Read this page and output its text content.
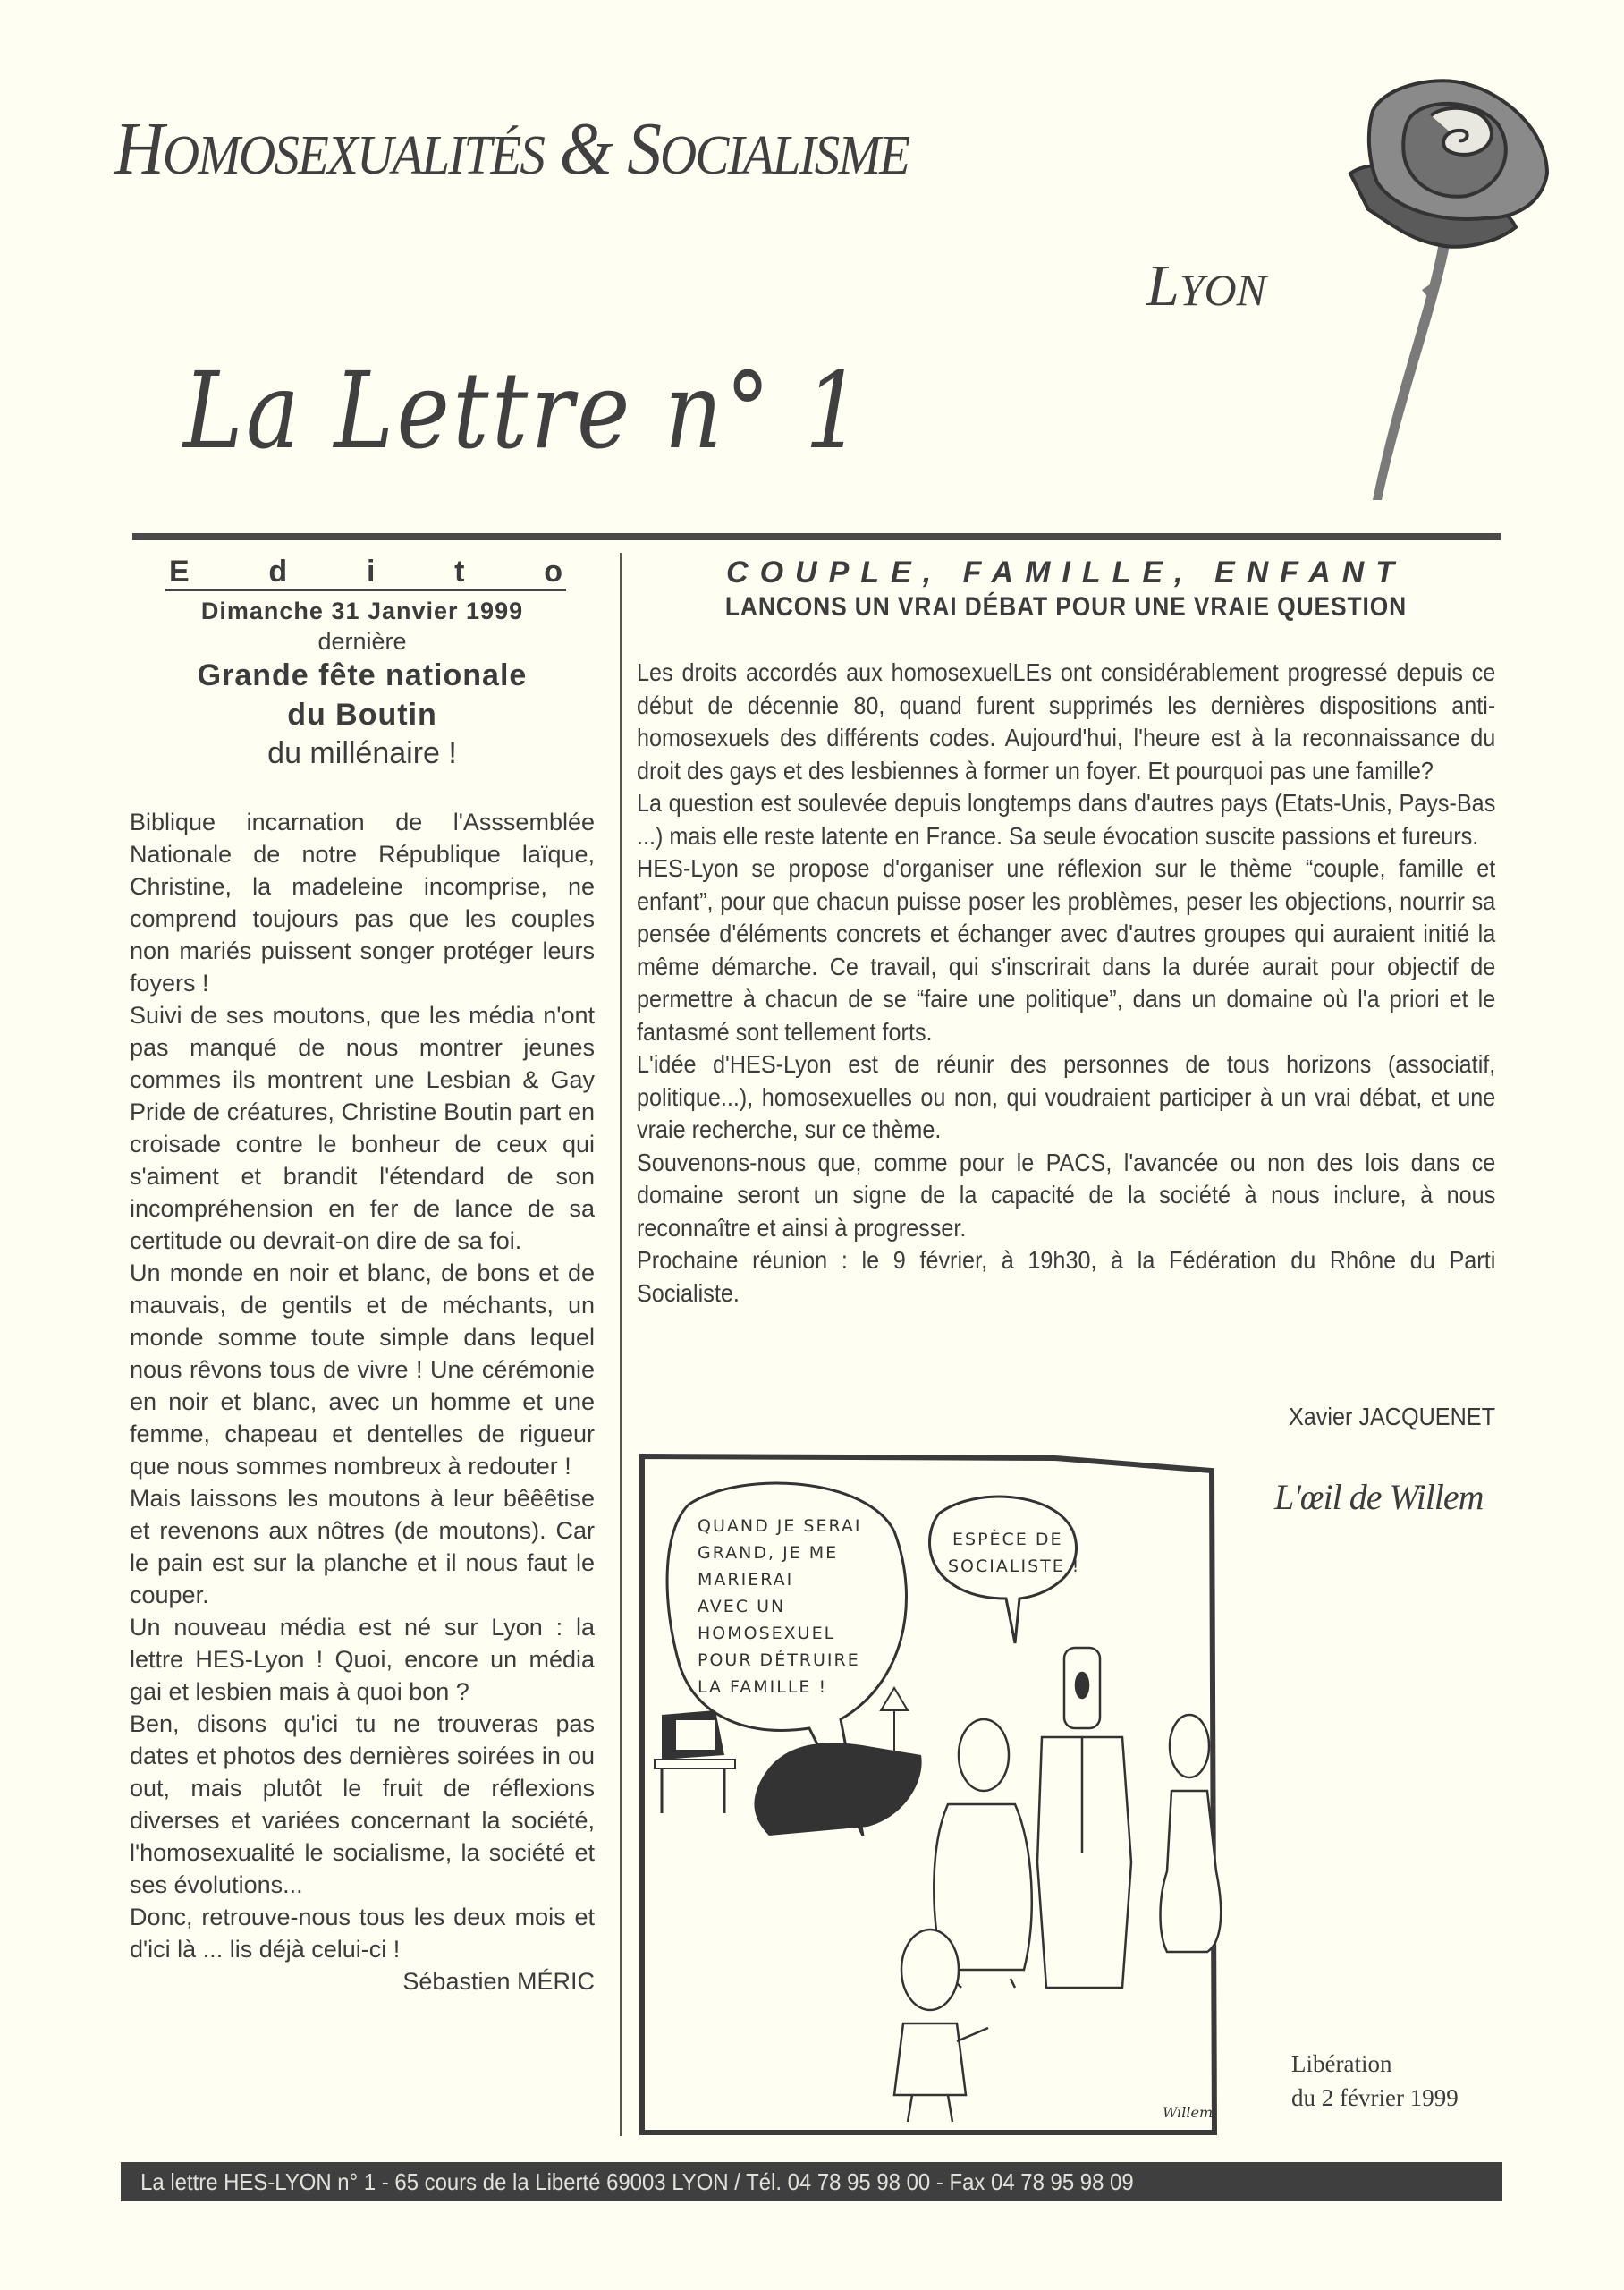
HOMOSEXUALITÉS & SOCIALISME
LYON
La Lettre n° 1
E	d	i	t	o
Dimanche 31 Janvier 1999
dernière
Grande fête nationale
du Boutin
du millénaire !

Biblique incarnation de l'Asssemblée Nationale de notre République laïque, Christine, la madeleine incomprise, ne comprend toujours pas que les couples non mariés puissent songer protéger leurs foyers !

Suivi de ses moutons, que les média n'ont pas manqué de nous montrer jeunes commes ils montrent une Lesbian & Gay Pride de créatures, Christine Boutin part en croisade contre le bonheur de ceux qui s'aiment et brandit l'étendard de son incompréhension en fer de lance de sa certitude ou devrait-on dire de sa foi.

Un monde en noir et blanc, de bons et de mauvais, de gentils et de méchants, un monde somme toute simple dans lequel nous rêvons tous de vivre ! Une cérémonie en noir et blanc, avec un homme et une femme, chapeau et dentelles de rigueur que nous sommes nombreux à redouter !

Mais laissons les moutons à leur bêêêtise et revenons aux nôtres (de moutons). Car le pain est sur la planche et il nous faut le couper.

Un nouveau média est né sur Lyon : la lettre HES-Lyon ! Quoi, encore un média gai et lesbien mais à quoi bon ?

Ben, disons qu'ici tu ne trouveras pas dates et photos des dernières soirées in ou out, mais plutôt le fruit de réflexions diverses et variées concernant la société, l'homosexualité le socialisme, la société et ses évolutions...

Donc, retrouve-nous tous les deux mois et d'ici là ... lis déjà celui-ci !

Sébastien MÉRIC
COUPLE, FAMILLE, ENFANT
LANCONS UN VRAI DÉBAT POUR UNE VRAIE QUESTION

Les droits accordés aux homosexuelLEs ont considérablement progressé depuis ce début de décennie 80, quand furent supprimés les dernières dispositions anti-homosexuels des différents codes. Aujourd'hui, l'heure est à la reconnaissance du droit des gays et des lesbiennes à former un foyer. Et pourquoi pas une famille?

La question est soulevée depuis longtemps dans d'autres pays (Etats-Unis, Pays-Bas ...) mais elle reste latente en France. Sa seule évocation suscite passions et fureurs.

HES-Lyon se propose d'organiser une réflexion sur le thème “couple, famille et enfant”, pour que chacun puisse poser les problèmes, peser les objections, nourrir sa pensée d'éléments concrets et échanger avec d'autres groupes qui auraient initié la même démarche. Ce travail, qui s'inscrirait dans la durée aurait pour objectif de permettre à chacun de se “faire une politique”, dans un domaine où l'a priori et le fantasmé sont tellement forts.

L'idée d'HES-Lyon est de réunir des personnes de tous horizons (associatif, politique...), homosexuelles ou non, qui voudraient participer à un vrai débat, et une vraie recherche, sur ce thème.

Souvenons-nous que, comme pour le PACS, l'avancée ou non des lois dans ce domaine seront un signe de la capacité de la société à nous inclure, à nous reconnaître et ainsi à progresser.

Prochaine réunion : le 9 février, à 19h30, à la Fédération du Rhône du Parti Socialiste.

Xavier JACQUENET
L'œil de Willem
QUAND JE SERAI
GRAND, JE ME
MARIERAI
AVEC UN
HOMOSEXUEL
POUR DÉTRUIRE
LA FAMILLE !
ESPÈCE DE
SOCIALISTE !
Willem
Libération
du 2 février 1999
La lettre HES-LYON n° 1 - 65 cours de la Liberté 69003 LYON / Tél. 04 78 95 98 00 - Fax 04 78 95 98 09
